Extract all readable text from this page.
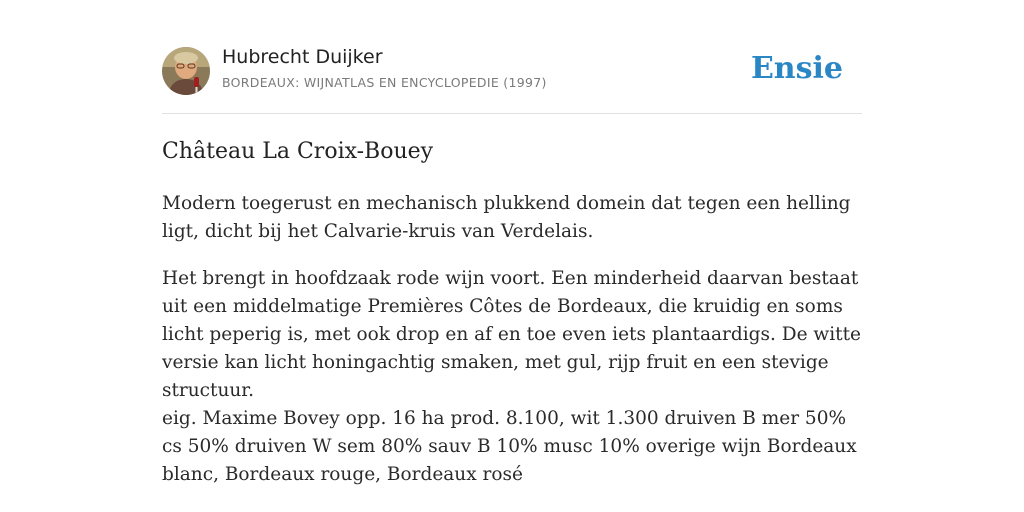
Hubrecht Duijker
BORDEAUX: WIJNATLAS EN ENCYCLOPEDIE (1997)	Ensie
Château La Croix-Bouey

Modern toegerust en mechanisch plukkend domein dat tegen een helling ligt, dicht bij het Calvarie-kruis van Verdelais.

Het brengt in hoofdzaak rode wijn voort. Een minderheid daarvan bestaat uit een middelmatige Premières Côtes de Bordeaux, die kruidig en soms licht peperig is, met ook drop en af en toe even iets plantaardigs. De witte versie kan licht honingachtig smaken, met gul, rijp fruit en een stevige structuur.

eig. Maxime Bovey opp. 16 ha prod. 8.100, wit 1.300 druiven B mer 50% cs 50% druiven W sem 80% sauv B 10% musc 10% overige wijn Bordeaux blanc, Bordeaux rouge, Bordeaux rosé
